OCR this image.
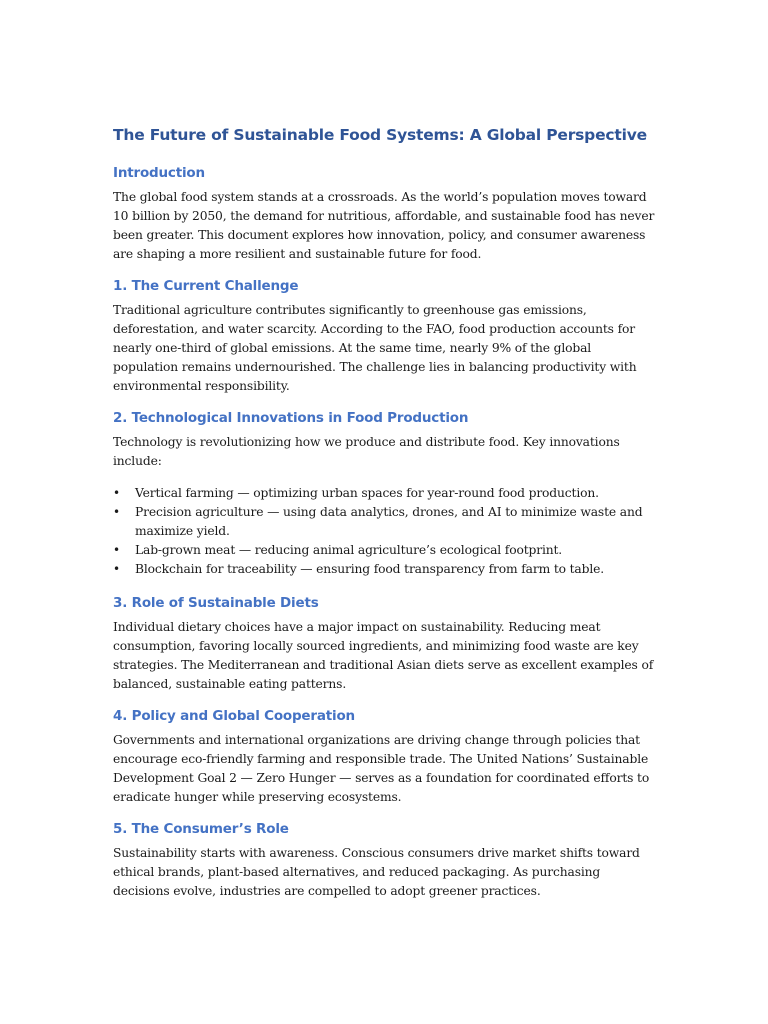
The Future of Sustainable Food Systems: A Global Perspective
Introduction

The global food system stands at a crossroads. As the world’s population moves toward 10 billion by 2050, the demand for nutritious, affordable, and sustainable food has never been greater. This document explores how innovation, policy, and consumer awareness are shaping a more resilient and sustainable future for food.

1. The Current Challenge

Traditional agriculture contributes significantly to greenhouse gas emissions, deforestation, and water scarcity. According to the FAO, food production accounts for nearly one-third of global emissions. At the same time, nearly 9% of the global population remains undernourished. The challenge lies in balancing productivity with environmental responsibility.

2. Technological Innovations in Food Production

Technology is revolutionizing how we produce and distribute food. Key innovations include:

• Vertical farming — optimizing urban spaces for year-round food production.
• Precision agriculture — using data analytics, drones, and AI to minimize waste and maximize yield.
• Lab-grown meat — reducing animal agriculture’s ecological footprint.
• Blockchain for traceability — ensuring food transparency from farm to table.
3. Role of Sustainable Diets

Individual dietary choices have a major impact on sustainability. Reducing meat consumption, favoring locally sourced ingredients, and minimizing food waste are key strategies. The Mediterranean and traditional Asian diets serve as excellent examples of balanced, sustainable eating patterns.

4. Policy and Global Cooperation

Governments and international organizations are driving change through policies that encourage eco-friendly farming and responsible trade. The United Nations’ Sustainable Development Goal 2 — Zero Hunger — serves as a foundation for coordinated efforts to eradicate hunger while preserving ecosystems.

5. The Consumer’s Role

Sustainability starts with awareness. Conscious consumers drive market shifts toward ethical brands, plant-based alternatives, and reduced packaging. As purchasing decisions evolve, industries are compelled to adopt greener practices.
